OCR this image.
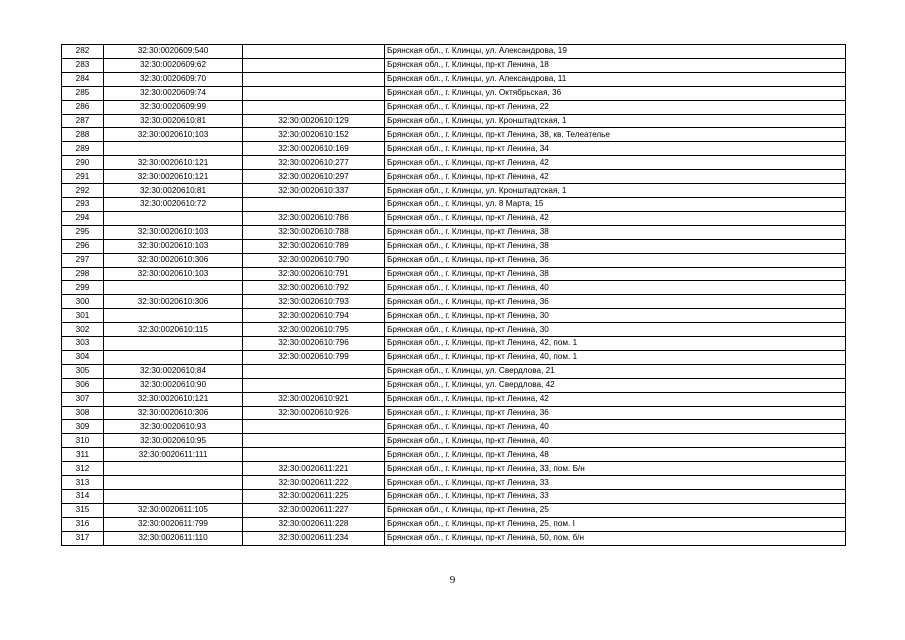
282	32:30:0020609:540		Брянская обл., г. Клинцы, ул. Александрова, 19
283	32:30:0020609:62		Брянская обл., г. Клинцы, пр-кт Ленина, 18
284	32:30:0020609:70		Брянская обл., г. Клинцы, ул. Александрова, 11
285	32:30:0020609:74		Брянская обл., г. Клинцы, ул. Октябрьская, 36
286	32:30:0020609:99		Брянская обл., г. Клинцы, пр-кт Ленина, 22
287	32:30:0020610:81	32:30:0020610:129	Брянская обл., г. Клинцы, ул. Кронштадтская, 1
288	32:30:0020610:103	32:30:0020610:152	Брянская обл., г. Клинцы, пр-кт Ленина, 38, кв. Телеателье
289		32:30:0020610:169	Брянская обл., г. Клинцы, пр-кт Ленина, 34
290	32:30:0020610:121	32:30:0020610:277	Брянская обл., г. Клинцы, пр-кт Ленина, 42
291	32:30:0020610:121	32:30:0020610:297	Брянская обл., г. Клинцы, пр-кт Ленина, 42
292	32:30:0020610:81	32:30:0020610:337	Брянская обл., г. Клинцы, ул. Кронштадтская, 1
293	32:30:0020610:72		Брянская обл., г. Клинцы, ул. 8 Марта, 15
294		32:30:0020610:786	Брянская обл., г. Клинцы, пр-кт Ленина, 42
295	32:30:0020610:103	32:30:0020610:788	Брянская обл., г. Клинцы, пр-кт Ленина, 38
296	32:30:0020610:103	32:30:0020610:789	Брянская обл., г. Клинцы, пр-кт Ленина, 38
297	32:30:0020610:306	32:30:0020610:790	Брянская обл., г. Клинцы, пр-кт Ленина, 36
298	32:30:0020610:103	32:30:0020610:791	Брянская обл., г. Клинцы, пр-кт Ленина, 38
299		32:30:0020610:792	Брянская обл., г. Клинцы, пр-кт Ленина, 40
300	32:30:0020610:306	32:30:0020610:793	Брянская обл., г. Клинцы, пр-кт Ленина, 36
301		32:30:0020610:794	Брянская обл., г. Клинцы, пр-кт Ленина, 30
302	32:30:0020610:115	32:30:0020610:795	Брянская обл., г. Клинцы, пр-кт Ленина, 30
303		32:30:0020610:796	Брянская обл., г. Клинцы, пр-кт Ленина, 42, пом. 1
304		32:30:0020610:799	Брянская обл., г. Клинцы, пр-кт Ленина, 40, пом. 1
305	32:30:0020610:84		Брянская обл., г. Клинцы, ул. Свердлова, 21
306	32:30:0020610:90		Брянская обл., г. Клинцы, ул. Свердлова, 42
307	32:30:0020610:121	32:30:0020610:921	Брянская обл., г. Клинцы, пр-кт Ленина, 42
308	32:30:0020610:306	32:30:0020610:926	Брянская обл., г. Клинцы, пр-кт Ленина, 36
309	32:30:0020610:93		Брянская обл., г. Клинцы, пр-кт Ленина, 40
310	32:30:0020610:95		Брянская обл., г. Клинцы, пр-кт Ленина, 40
311	32:30:0020611:111		Брянская обл., г. Клинцы, пр-кт Ленина, 48
312		32:30:0020611:221	Брянская обл., г. Клинцы, пр-кт Ленина, 33, пом. Б/н
313		32:30:0020611:222	Брянская обл., г. Клинцы, пр-кт Ленина, 33
314		32:30:0020611:225	Брянская обл., г. Клинцы, пр-кт Ленина, 33
315	32:30:0020611:105	32:30:0020611:227	Брянская обл., г. Клинцы, пр-кт Ленина, 25
316	32:30:0020611:799	32:30:0020611:228	Брянская обл., г. Клинцы, пр-кт Ленина, 25, пом. I
317	32:30:0020611:110	32:30:0020611:234	Брянская обл., г. Клинцы, пр-кт Ленина, 50, пом. б/н
9
